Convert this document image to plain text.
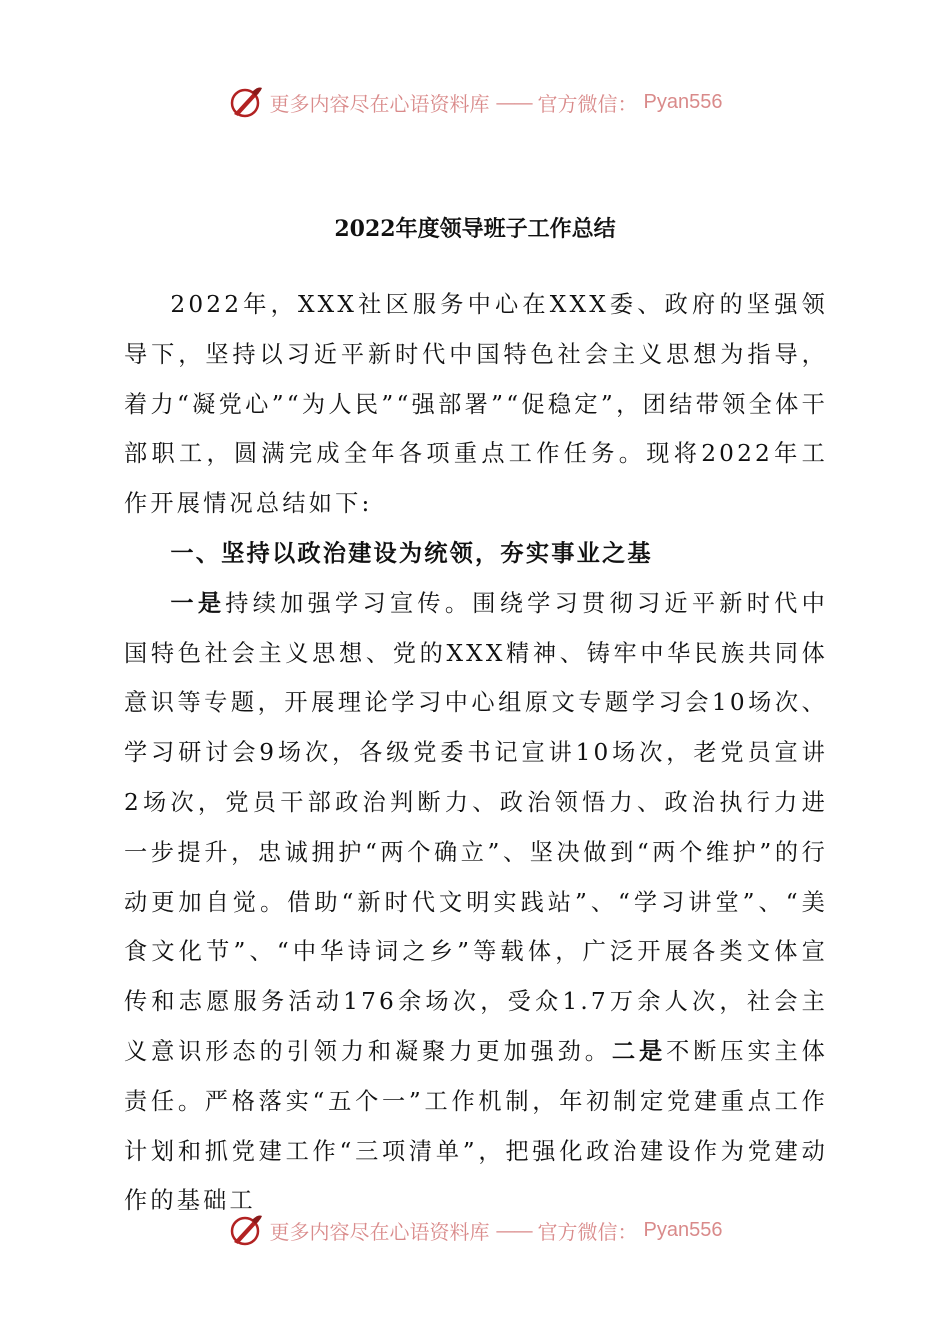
更多内容尽在心语资料库 —— 官方微信： Pyan556
2022年度领导班子工作总结

2022年，XXX社区服务中心在XXX委、政府的坚强领导下，坚持以习近平新时代中国特色社会主义思想为指导，着力“凝党心”“为人民”“强部署”“促稳定”，团结带领全体干部职工，圆满完成全年各项重点工作任务。现将2022年工作开展情况总结如下:

一、坚持以政治建设为统领，夯实事业之基

一是持续加强学习宣传。围绕学习贯彻习近平新时代中国特色社会主义思想、党的XXX精神、铸牢中华民族共同体意识等专题，开展理论学习中心组原文专题学习会10场次、学习研讨会9场次，各级党委书记宣讲10场次，老党员宣讲2场次，党员干部政治判断力、政治领悟力、政治执行力进一步提升，忠诚拥护“两个确立”、坚决做到“两个维护”的行动更加自觉。借助“新时代文明实践站”、“学习讲堂”、“美食文化节”、“中华诗词之乡”等载体，广泛开展各类文体宣传和志愿服务活动176余场次，受众1.7万余人次，社会主义意识形态的引领力和凝聚力更加强劲。二是不断压实主体责任。严格落实“五个一”工作机制，年初制定党建重点工作计划和抓党建工作“三项清单”，把强化政治建设作为党建动作的基础工

更多内容尽在心语资料库 —— 官方微信： Pyan556
